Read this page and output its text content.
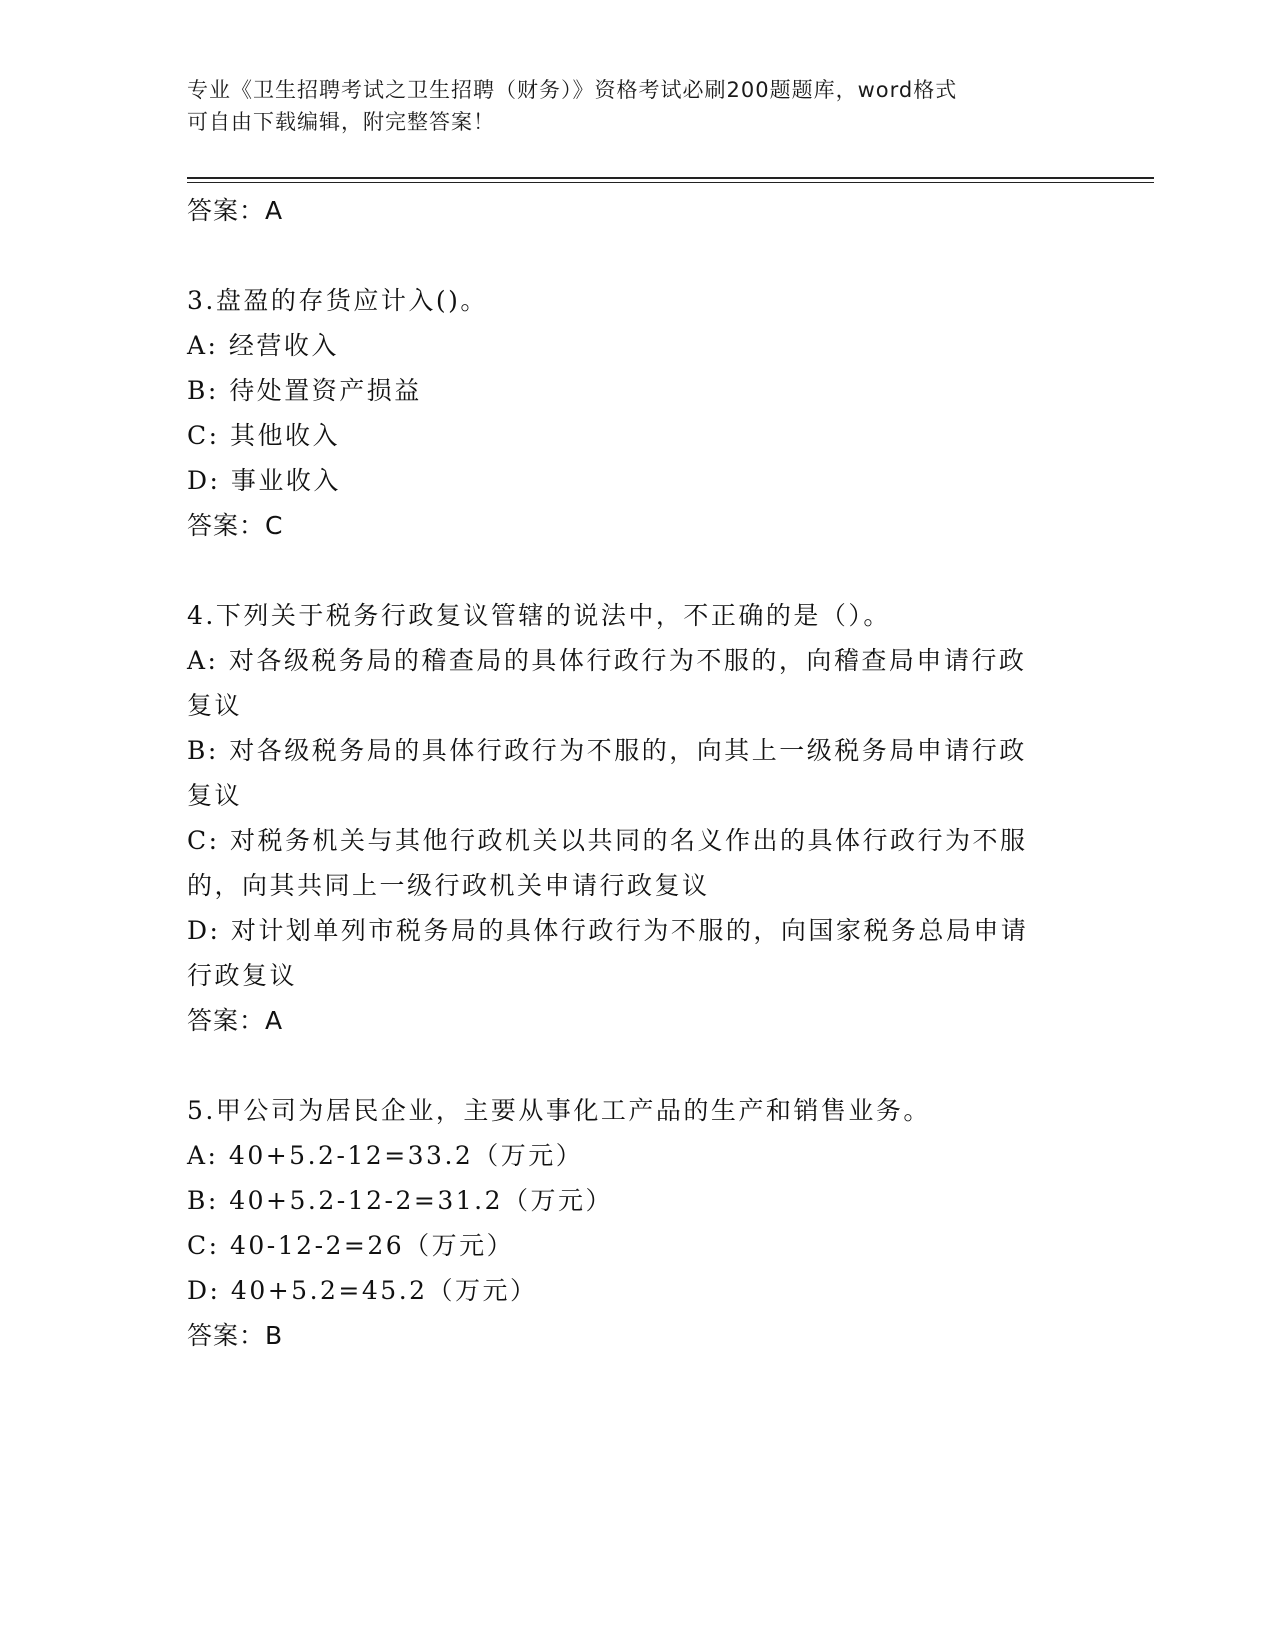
专业《卫生招聘考试之卫生招聘（财务）》资格考试必刷200题题库，word格式
可自由下载编辑，附完整答案！
答案：A
3.盘盈的存货应计入()。
A: 经营收入
B: 待处置资产损益
C: 其他收入
D: 事业收入
答案：C
4.下列关于税务行政复议管辖的说法中，不正确的是（）。
A: 对各级税务局的稽查局的具体行政行为不服的，向稽查局申请行政
复议
B: 对各级税务局的具体行政行为不服的，向其上一级税务局申请行政
复议
C: 对税务机关与其他行政机关以共同的名义作出的具体行政行为不服
的，向其共同上一级行政机关申请行政复议
D: 对计划单列市税务局的具体行政行为不服的，向国家税务总局申请
行政复议
答案：A
5.甲公司为居民企业，主要从事化工产品的生产和销售业务。
A: 40+5.2-12=33.2（万元）
B: 40+5.2-12-2=31.2（万元）
C: 40-12-2=26（万元）
D: 40+5.2=45.2（万元）
答案：B
